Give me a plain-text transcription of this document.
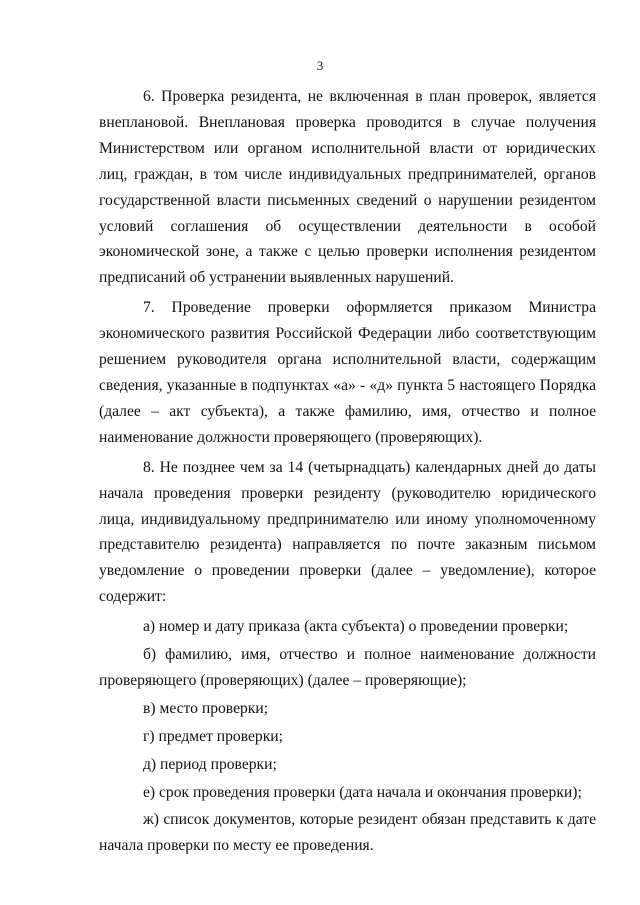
3

6. Проверка резидента, не включенная в план проверок, является внеплановой. Внеплановая проверка проводится в случае получения Министерством или органом исполнительной власти от юридических лиц, граждан, в том числе индивидуальных предпринимателей, органов государственной власти письменных сведений о нарушении резидентом условий соглашения об осуществлении деятельности в особой экономической зоне, а также с целью проверки исполнения резидентом предписаний об устранении выявленных нарушений.

7. Проведение проверки оформляется приказом Министра экономического развития Российской Федерации либо соответствующим решением руководителя органа исполнительной власти, содержащим сведения, указанные в подпунктах «а» - «д» пункта 5 настоящего Порядка (далее – акт субъекта), а также фамилию, имя, отчество и полное наименование должности проверяющего (проверяющих).

8. Не позднее чем за 14 (четырнадцать) календарных дней до даты начала проведения проверки резиденту (руководителю юридического лица, индивидуальному предпринимателю или иному уполномоченному представителю резидента) направляется по почте заказным письмом уведомление о проведении проверки (далее – уведомление), которое содержит:

а) номер и дату приказа (акта субъекта) о проведении проверки;

б) фамилию, имя, отчество и полное наименование должности проверяющего (проверяющих) (далее – проверяющие);

в) место проверки;

г) предмет проверки;

д) период проверки;

е) срок проведения проверки (дата начала и окончания проверки);

ж) список документов, которые резидент обязан представить к дате начала проверки по месту ее проведения.
